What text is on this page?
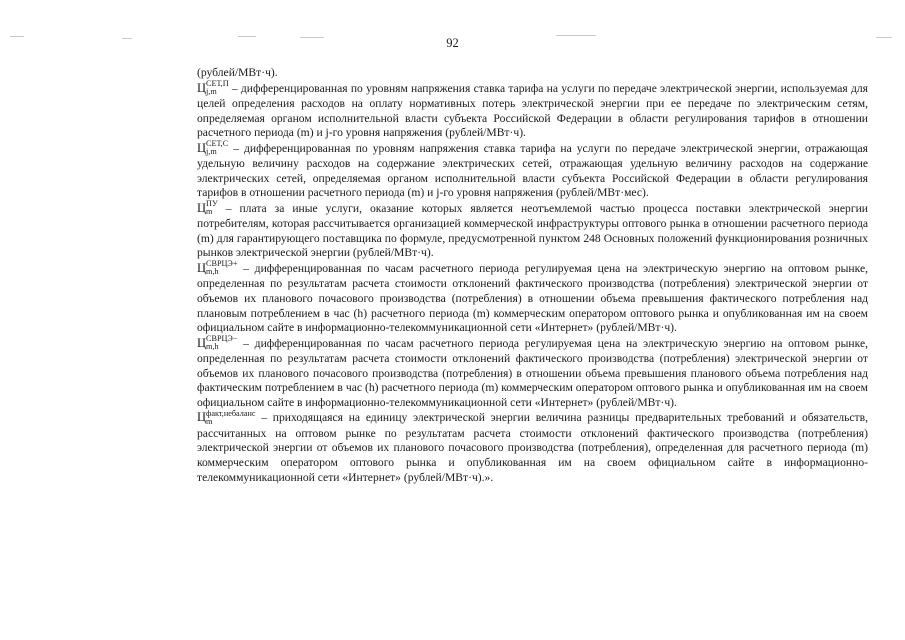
92

(рублей/МВт·ч).

Ц СЕТ,П
j,m	– дифференцированная по уровням напряжения ставка тарифа на услуги по передаче электрической энергии, используемая для целей определения расходов на оплату нормативных потерь электрической энергии при ее передаче по электрическим сетям, определяемая органом исполнительной власти субъекта Российской Федерации в области регулирования тарифов в отношении расчетного периода (m) и j-го уровня напряжения (рублей/МВт·ч).

Ц СЕТ,С
j,m – дифференцированная по уровням напряжения ставка тарифа на услуги по передаче электрической энергии, отражающая удельную величину расходов на содержание электрических сетей, отражающая удельную величину расходов на содержание электрических сетей, определяемая органом исполнительной власти субъекта Российской Федерации в области регулирования тарифов в отношении расчетного периода (m) и j-го уровня напряжения (рублей/МВт·мес).

Ц ПУ
m – плата за иные услуги, оказание которых является неотъемлемой частью процесса поставки электрической энергии потребителям, которая рассчитывается организацией коммерческой инфраструктуры оптового рынка в отношении расчетного периода (m) для гарантирующего поставщика по формуле, предусмотренной пунктом 248 Основных положений функционирования розничных рынков электрической энергии (рублей/МВт·ч).

Ц СВРЦЭ+
m,h	– дифференцированная по часам расчетного периода регулируемая цена на электрическую энергию на оптовом рынке, определенная по результатам расчета стоимости отклонений фактического производства (потребления) электрической энергии от объемов их планового почасового производства (потребления) в отношении объема превышения фактического потребления над плановым потреблением в час (h) расчетного периода (m) коммерческим оператором оптового рынка и опубликованная им на своем официальном сайте в информационно-телекоммуникационной сети «Интернет» (рублей/МВт·ч).

Ц СВРЦЭ−
m,h	– дифференцированная по часам расчетного периода регулируемая цена на электрическую энергию на оптовом рынке, определенная по результатам расчета стоимости отклонений фактического производства (потребления) электрической энергии от объемов их планового почасового производства (потребления) в отношении объема превышения планового объема потребления над фактическим потреблением в час (h) расчетного периода (m) коммерческим оператором оптового рынка и опубликованная им на своем официальном сайте в информационно-телекоммуникационной сети «Интернет» (рублей/МВт·ч).

Ц факт,небаланс
m	– приходящаяся на единицу электрической энергии величина разницы предварительных требований и обязательств, рассчитанных на оптовом рынке по результатам расчета стоимости отклонений фактического производства (потребления) электрической энергии от объемов их планового почасового производства (потребления), определенная для расчетного периода (m) коммерческим оператором оптового рынка и опубликованная им на своем официальном сайте в информационно-телекоммуникационной сети «Интернет» (рублей/МВт·ч).».
